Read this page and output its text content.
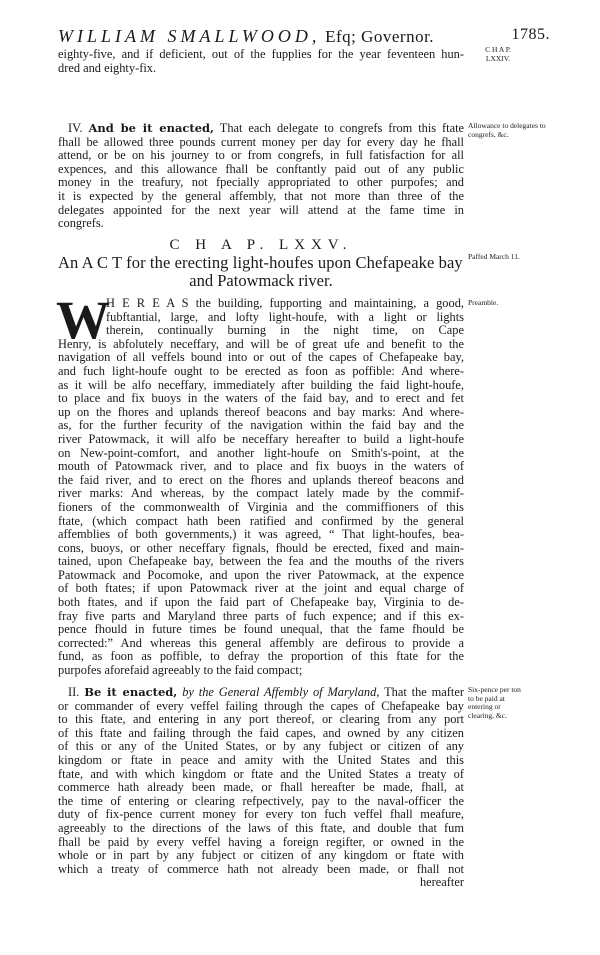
WILLIAM SMALLWOOD, Efq; Governor.	1785.
eighty-five, and if deficient, out of the fupplies for the year feventeen hun-
dred and eighty-fix.
C H A P.
LXXIV.
IV. And be it enacted, That each delegate to congrefs from this ftate
fhall be allowed three pounds current money per day for every day he fhall
attend, or be on his journey to or from congrefs, in full fatisfaction for all
expences, and this allowance fhall be conftantly paid out of any public
money in the treafury, not fpecially appropriated to other purpofes; and
it is expected by the general affembly, that not more than three of the
delegates appointed for the next year will attend at the fame time in
congrefs.
Allowance to delegates to congrefs, &c.
C H A P. LXXV.
An A C T for the erecting light-houfes upon Chefapeake bay
and Patowmack river.
Paffed March 11.
W
H E R E A S the building, fupporting and maintaining, a good,
fubftantial, large, and lofty light-houfe, with a light or lights
therein, continually burning in the night time, on Cape
Henry, is abfolutely neceffary, and will be of great ufe and benefit to the
navigation of all veffels bound into or out of the capes of Chefapeake bay,
and fuch light-houfe ought to be erected as foon as poffible: And where-
as it will be alfo neceffary, immediately after building the faid light-houfe,
to place and fix buoys in the waters of the faid bay, and to erect and fet
up on the fhores and uplands thereof beacons and bay marks: And where-
as, for the further fecurity of the navigation within the faid bay and the
river Patowmack, it will alfo be neceffary hereafter to build a light-houfe
on New-point-comfort, and another light-houfe on Smith's-point, at the
mouth of Patowmack river, and to place and fix buoys in the waters of
the faid river, and to erect on the fhores and uplands thereof beacons and
river marks: And whereas, by the compact lately made by the commif-
fioners of the commonwealth of Virginia and the commiffioners of this
ftate, (which compact hath been ratified and confirmed by the general
affemblies of both governments,) it was agreed, “ That light-houfes, bea-
cons, buoys, or other neceffary fignals, fhould be erected, fixed and main-
tained, upon Chefapeake bay, between the fea and the mouths of the rivers
Patowmack and Pocomoke, and upon the river Patowmack, at the expence
of both ftates; if upon Patowmack river at the joint and equal charge of
both ftates, and if upon the faid part of Chefapeake bay, Virginia to de-
fray five parts and Maryland three parts of fuch expence; and if this ex-
pence fhould in future times be found unequal, that the fame fhould be
corrected:” And whereas this general affembly are defirous to provide a
fund, as foon as poffible, to defray the proportion of this ftate for the
purpofes aforefaid agreeably to the faid compact;
Preamble.
II. Be it enacted, by the General Affembly of Maryland, That the mafter
or commander of every veffel failing through the capes of Chefapeake bay
to this ftate, and entering in any port thereof, or clearing from any port
of this ftate and failing through the faid capes, and owned by any citizen
of this or any of the United States, or by any fubject or citizen of any
kingdom or ftate in peace and amity with the United States and this
ftate, and with which kingdom or ftate and the United States a treaty of
commerce hath already been made, or fhall hereafter be made, fhall, at
the time of entering or clearing refpectively, pay to the naval-officer the
duty of fix-pence current money for every ton fuch veffel fhall meafure,
agreeably to the directions of the laws of this ftate, and double that fum
fhall be paid by every veffel having a foreign regifter, or owned in the
whole or in part by any fubject or citizen of any kingdom or ftate with
which a treaty of commerce hath not already been made, or fhall not
hereafter
Six-pence per ton to be paid at entering or clearing, &c.
